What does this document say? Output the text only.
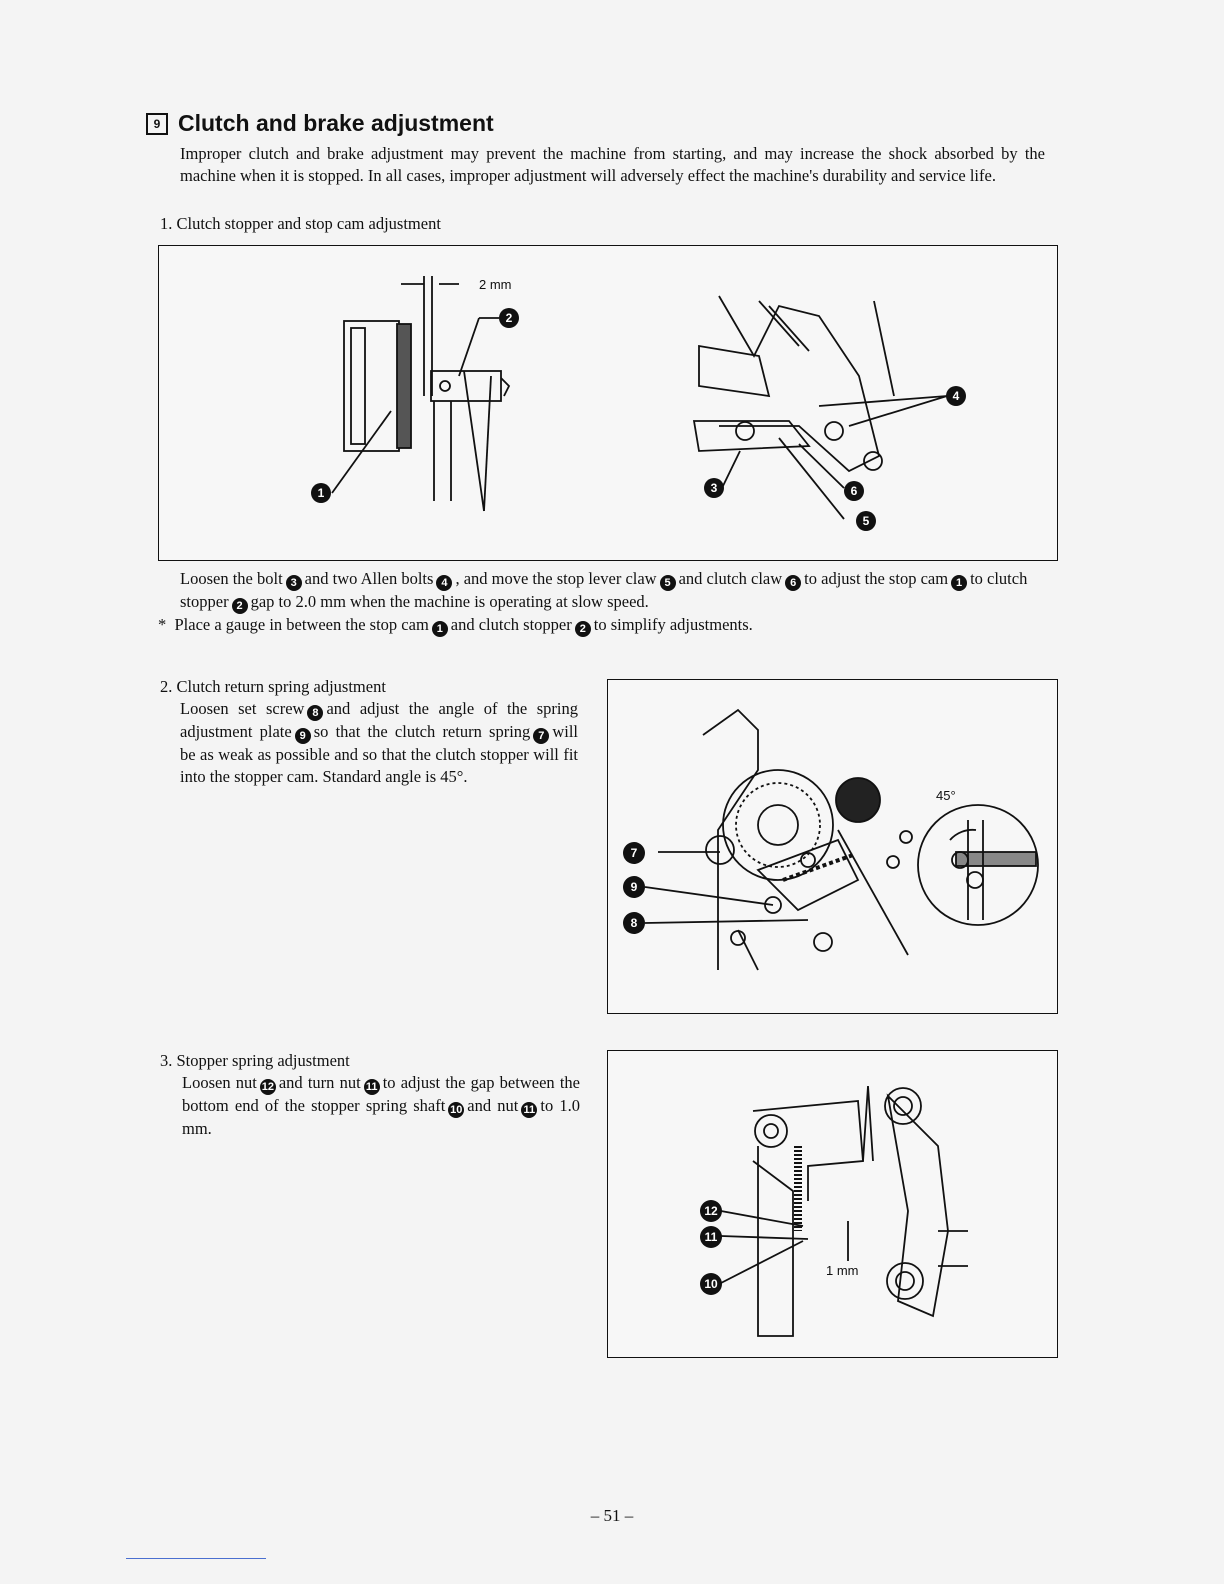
9 Clutch and brake adjustment
Improper clutch and brake adjustment may prevent the machine from starting, and may increase the shock absorbed by the machine when it is stopped. In all cases, improper adjustment will adversely effect the machine's durability and service life.
1. Clutch stopper and stop cam adjustment
2 mm
2
1
4
3	6
5
Loosen the bolt 3 and two Allen bolts 4 , and move the stop lever claw 5 and clutch claw 6 to adjust the stop cam 1 to clutch stopper 2 gap to 2.0 mm when the machine is operating at slow speed.
* Place a gauge in between the stop cam 1 and clutch stopper 2 to simplify adjustments.
2. Clutch return spring adjustment
Loosen set screw 8 and adjust the angle of the spring adjustment plate 9 so that the clutch return spring 7 will be as weak as possible and so that the clutch stopper will fit into the stopper cam. Standard angle is 45°.
45°
7
9
8
3. Stopper spring adjustment
Loosen nut 12 and turn nut 11 to adjust the gap between the bottom end of the stopper spring shaft 10 and nut 11 to 1.0 mm.
1 mm
12
11
10
– 51 –
